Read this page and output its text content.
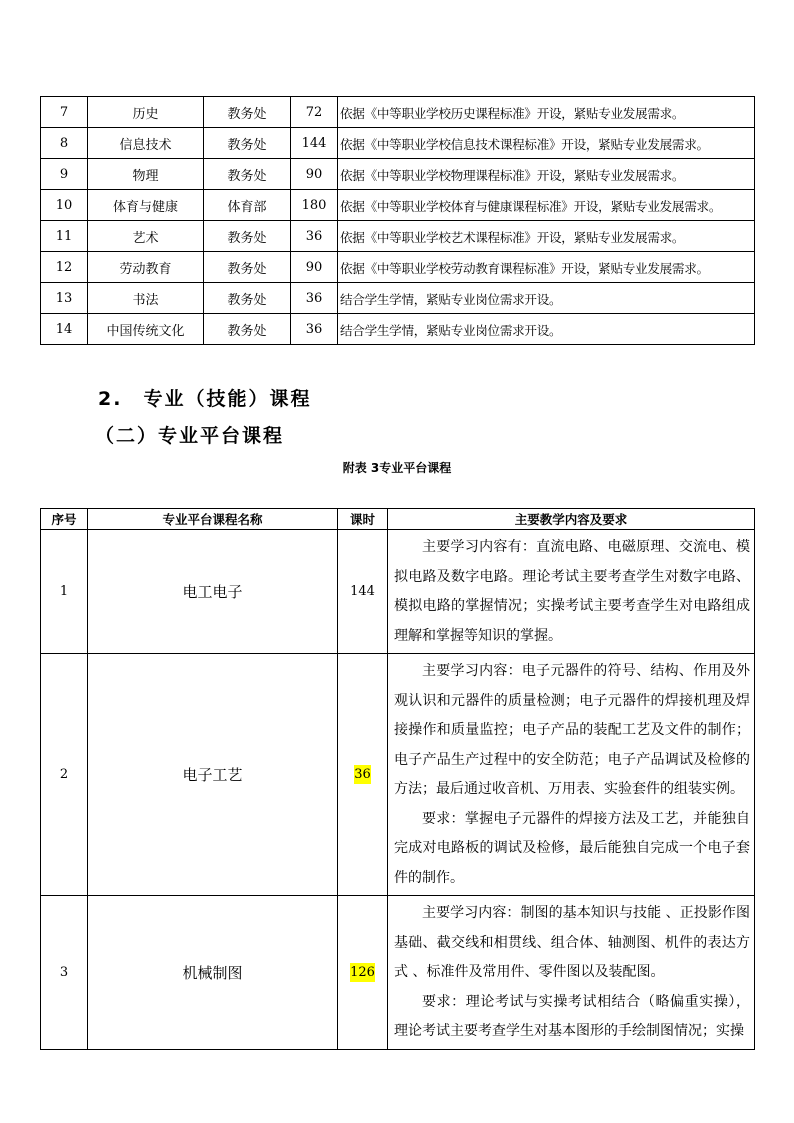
7	历史	教务处	72	依据《中等职业学校历史课程标准》开设，紧贴专业发展需求。
8	信息技术	教务处	144	依据《中等职业学校信息技术课程标准》开设，紧贴专业发展需求。
9	物理	教务处	90	依据《中等职业学校物理课程标准》开设，紧贴专业发展需求。
10	体育与健康	体育部	180	依据《中等职业学校体育与健康课程标准》开设，紧贴专业发展需求。
11	艺术	教务处	36	依据《中等职业学校艺术课程标准》开设，紧贴专业发展需求。
12	劳动教育	教务处	90	依据《中等职业学校劳动教育课程标准》开设，紧贴专业发展需求。
13	书法	教务处	36	结合学生学情，紧贴专业岗位需求开设。
14	中国传统文化	教务处	36	结合学生学情，紧贴专业岗位需求开设。
2.　专业（技能）课程
（二）专业平台课程
附表 3专业平台课程
序号	专业平台课程名称	课时	主要教学内容及要求
1	电工电子	144	主要学习内容有：直流电路、电磁原理、交流电、模拟电路及数字电路。理论考试主要考查学生对数字电路、模拟电路的掌握情况；实操考试主要考查学生对电路组成理解和掌握等知识的掌握。

2	电子工艺	36	主要学习内容：电子元器件的符号、结构、作用及外观认识和元器件的质量检测；电子元器件的焊接机理及焊接操作和质量监控；电子产品的装配工艺及文件的制作；电子产品生产过程中的安全防范；电子产品调试及检修的方法；最后通过收音机、万用表、实验套件的组装实例。

要求：掌握电子元器件的焊接方法及工艺，并能独自完成对电路板的调试及检修，最后能独自完成一个电子套件的制作。

3	机械制图	126	主要学习内容：制图的基本知识与技能 、正投影作图基础、截交线和相贯线、组合体、轴测图、机件的表达方式 、标准件及常用件、零件图以及装配图。

要求：理论考试与实操考试相结合（略偏重实操），理论考试主要考查学生对基本图形的手绘制图情况；实操
